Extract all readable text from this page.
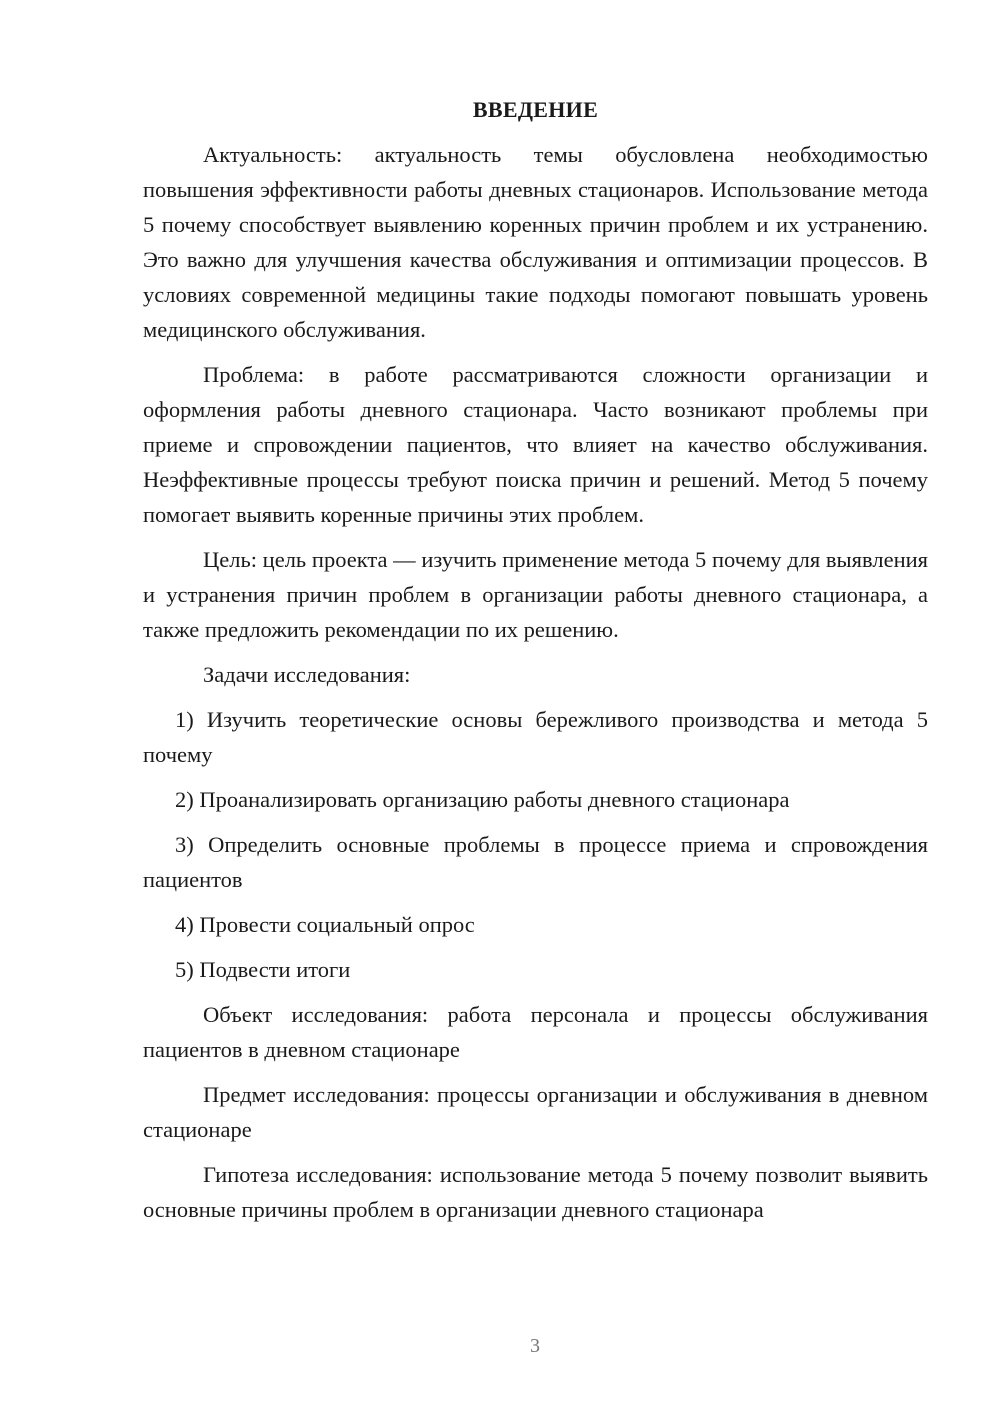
ВВЕДЕНИЕ

Актуальность: актуальность темы обусловлена необходимостью повышения эффективности работы дневных стационаров. Использование метода 5 почему способствует выявлению коренных причин проблем и их устранению. Это важно для улучшения качества обслуживания и оптимизации процессов. В условиях современной медицины такие подходы помогают повышать уровень медицинского обслуживания.

Проблема: в работе рассматриваются сложности организации и оформления работы дневного стационара. Часто возникают проблемы при приеме и спровождении пациентов, что влияет на качество обслуживания. Неэффективные процессы требуют поиска причин и решений. Метод 5 почему помогает выявить коренные причины этих проблем.

Цель: цель проекта — изучить применение метода 5 почему для выявления и устранения причин проблем в организации работы дневного стационара, а также предложить рекомендации по их решению.

Задачи исследования:

1) Изучить теоретические основы бережливого производства и метода 5 почему

2) Проанализировать организацию работы дневного стационара

3) Определить основные проблемы в процессе приема и спровождения пациентов

4) Провести социальный опрос

5) Подвести итоги

Объект исследования: работа персонала и процессы обслуживания пациентов в дневном стационаре

Предмет исследования: процессы организации и обслуживания в дневном стационаре

Гипотеза исследования: использование метода 5 почему позволит выявить основные причины проблем в организации дневного стационара

3
